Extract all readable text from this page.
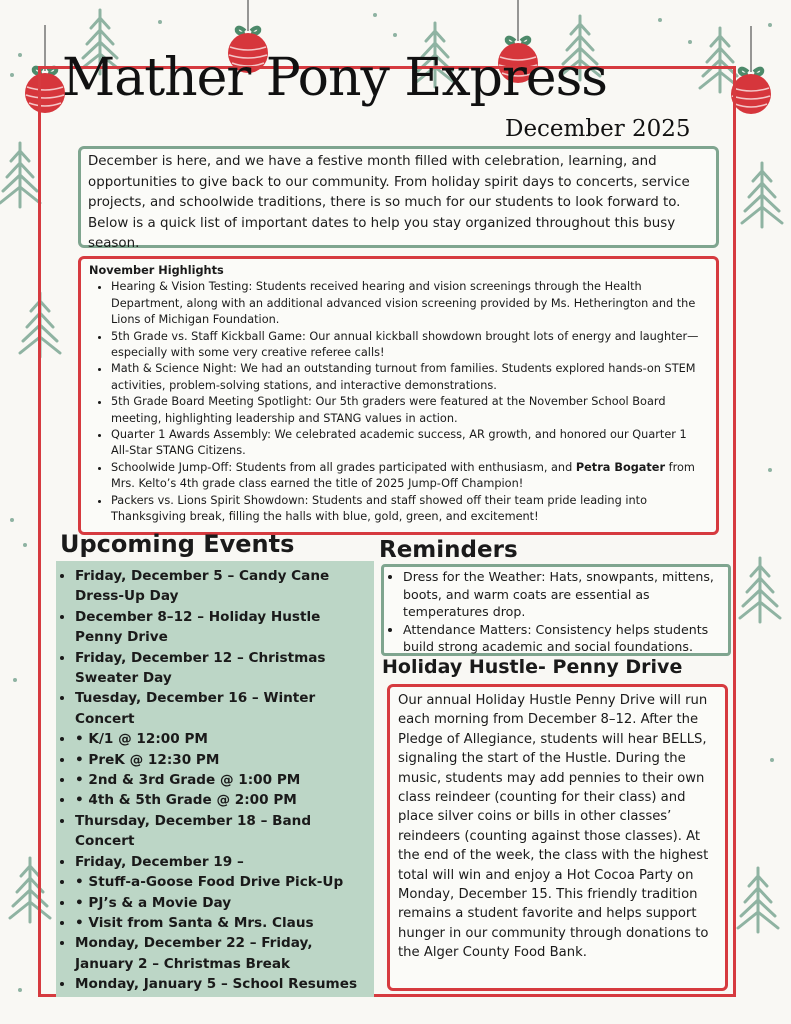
Mather Pony Express
December 2025
December is here, and we have a festive month filled with celebration, learning, and opportunities to give back to our community. From holiday spirit days to concerts, service projects, and schoolwide traditions, there is so much for our students to look forward to. Below is a quick list of important dates to help you stay organized throughout this busy season.
November Highlights
• Hearing & Vision Testing: Students received hearing and vision screenings through the Health Department, along with an additional advanced vision screening provided by Ms. Hetherington and the Lions of Michigan Foundation.
• 5th Grade vs. Staff Kickball Game: Our annual kickball showdown brought lots of energy and laughter—especially with some very creative referee calls!
• Math & Science Night: We had an outstanding turnout from families. Students explored hands-on STEM activities, problem-solving stations, and interactive demonstrations.
• 5th Grade Board Meeting Spotlight: Our 5th graders were featured at the November School Board meeting, highlighting leadership and STANG values in action.
• Quarter 1 Awards Assembly: We celebrated academic success, AR growth, and honored our Quarter 1 All-Star STANG Citizens.
• Schoolwide Jump-Off: Students from all grades participated with enthusiasm, and Petra Bogater from Mrs. Kelto’s 4th grade class earned the title of 2025 Jump-Off Champion!
• Packers vs. Lions Spirit Showdown: Students and staff showed off their team pride leading into Thanksgiving break, filling the halls with blue, gold, green, and excitement!
Upcoming Events
• Friday, December 5 – Candy Cane Dress-Up Day
• December 8–12 – Holiday Hustle Penny Drive
• Friday, December 12 – Christmas Sweater Day
• Tuesday, December 16 – Winter Concert
• • K/1 @ 12:00 PM
• • PreK @ 12:30 PM
• • 2nd & 3rd Grade @ 1:00 PM
• • 4th & 5th Grade @ 2:00 PM
• Thursday, December 18 – Band Concert
• Friday, December 19 –
• • Stuff-a-Goose Food Drive Pick-Up
• • PJ’s & a Movie Day
• • Visit from Santa & Mrs. Claus
• Monday, December 22 – Friday, January 2 – Christmas Break
• Monday, January 5 – School Resumes
Reminders
• Dress for the Weather: Hats, snowpants, mittens, boots, and warm coats are essential as temperatures drop.
• Attendance Matters: Consistency helps students build strong academic and social foundations.
Holiday Hustle- Penny Drive

Our annual Holiday Hustle Penny Drive will run each morning from December 8–12. After the Pledge of Allegiance, students will hear BELLS, signaling the start of the Hustle. During the music, students may add pennies to their own class reindeer (counting for their class) and place silver coins or bills in other classes’ reindeers (counting against those classes). At the end of the week, the class with the highest total will win and enjoy a Hot Cocoa Party on Monday, December 15. This friendly tradition remains a student favorite and helps support hunger in our community through donations to the Alger County Food Bank.
